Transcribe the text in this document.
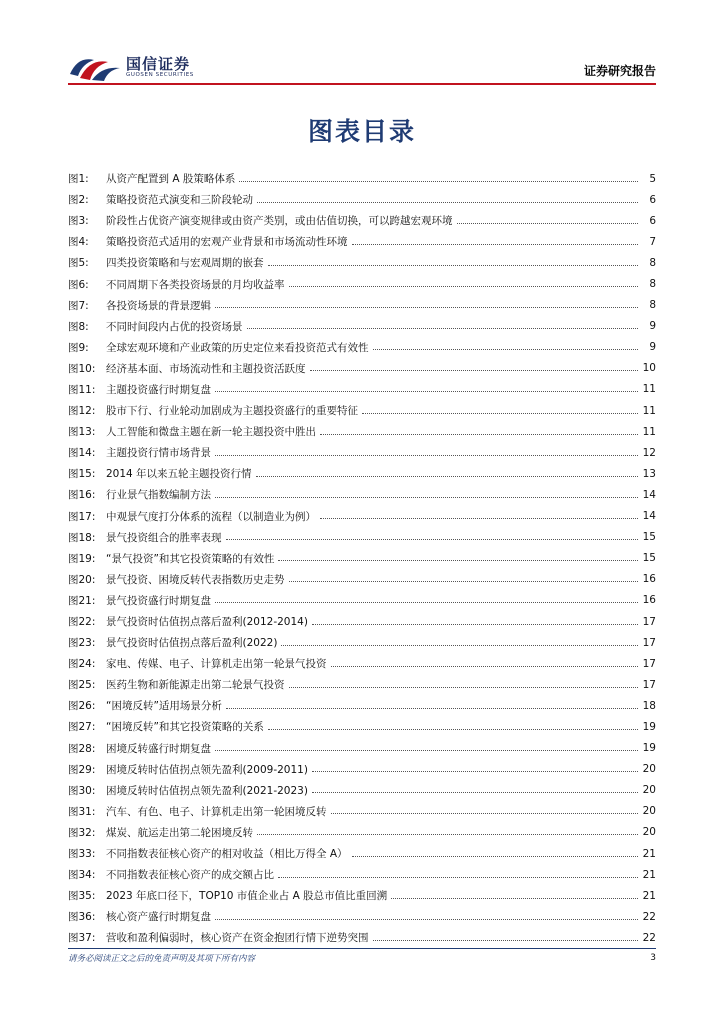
国信证券
GUOSEN SECURITIES	证券研究报告
图表目录
图1:	从资产配置到 A 股策略体系	5
图2:	策略投资范式演变和三阶段轮动	6
图3:	阶段性占优资产演变规律或由资产类别，或由估值切换，可以跨越宏观环境	6
图4:	策略投资范式适用的宏观产业背景和市场流动性环境	7
图5:	四类投资策略和与宏观周期的嵌套	8
图6:	不同周期下各类投资场景的月均收益率	8
图7:	各投资场景的背景逻辑	8
图8:	不同时间段内占优的投资场景	9
图9:	全球宏观环境和产业政策的历史定位来看投资范式有效性	9
图10:	经济基本面、市场流动性和主题投资活跃度	10
图11:	主题投资盛行时期复盘	11
图12:	股市下行、行业轮动加剧成为主题投资盛行的重要特征	11
图13:	人工智能和微盘主题在新一轮主题投资中胜出	11
图14:	主题投资行情市场背景	12
图15:	2014 年以来五轮主题投资行情	13
图16:	行业景气指数编制方法	14
图17:	中观景气度打分体系的流程（以制造业为例）	14
图18:	景气投资组合的胜率表现	15
图19:	“景气投资”和其它投资策略的有效性	15
图20:	景气投资、困境反转代表指数历史走势	16
图21:	景气投资盛行时期复盘	16
图22:	景气投资时估值拐点落后盈利(2012-2014)	17
图23:	景气投资时估值拐点落后盈利(2022)	17
图24:	家电、传媒、电子、计算机走出第一轮景气投资	17
图25:	医药生物和新能源走出第二轮景气投资	17
图26:	“困境反转”适用场景分析	18
图27:	“困境反转”和其它投资策略的关系	19
图28:	困境反转盛行时期复盘	19
图29:	困境反转时估值拐点领先盈利(2009-2011)	20
图30:	困境反转时估值拐点领先盈利(2021-2023)	20
图31:	汽车、有色、电子、计算机走出第一轮困境反转	20
图32:	煤炭、航运走出第二轮困境反转	20
图33:	不同指数表征核心资产的相对收益（相比万得全 A）	21
图34:	不同指数表征核心资产的成交额占比	21
图35:	2023 年底口径下，TOP10 市值企业占 A 股总市值比重回溯	21
图36:	核心资产盛行时期复盘	22
图37:	营收和盈利偏弱时，核心资产在资金抱团行情下逆势突围	22
请务必阅读正文之后的免责声明及其项下所有内容	3
